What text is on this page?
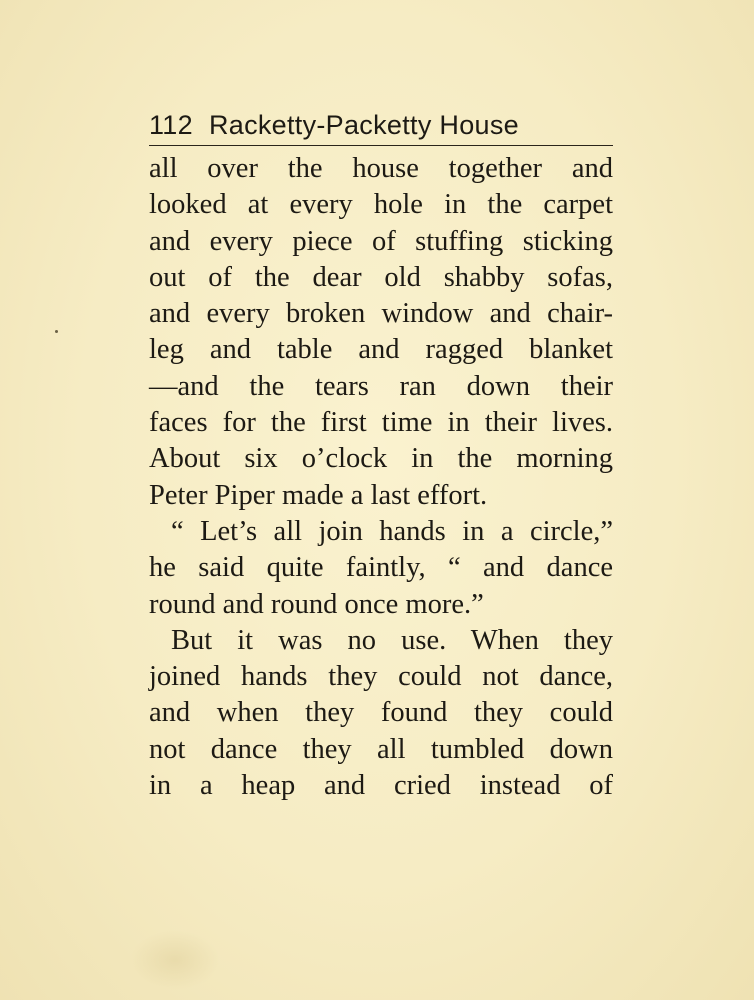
112 Racketty-Packetty House
all over the house together and
looked at every hole in the carpet
and every piece of stuffing sticking
out of the dear old shabby sofas,
and every broken window and chair-
leg and table and ragged blanket
—and the tears ran down their
faces for the first time in their lives.
About six o’clock in the morning
Peter Piper made a last effort.
“ Let’s all join hands in a circle,”
he said quite faintly, “ and dance
round and round once more.”
But it was no use. When they
joined hands they could not dance,
and when they found they could
not dance they all tumbled down
in a heap and cried instead of
